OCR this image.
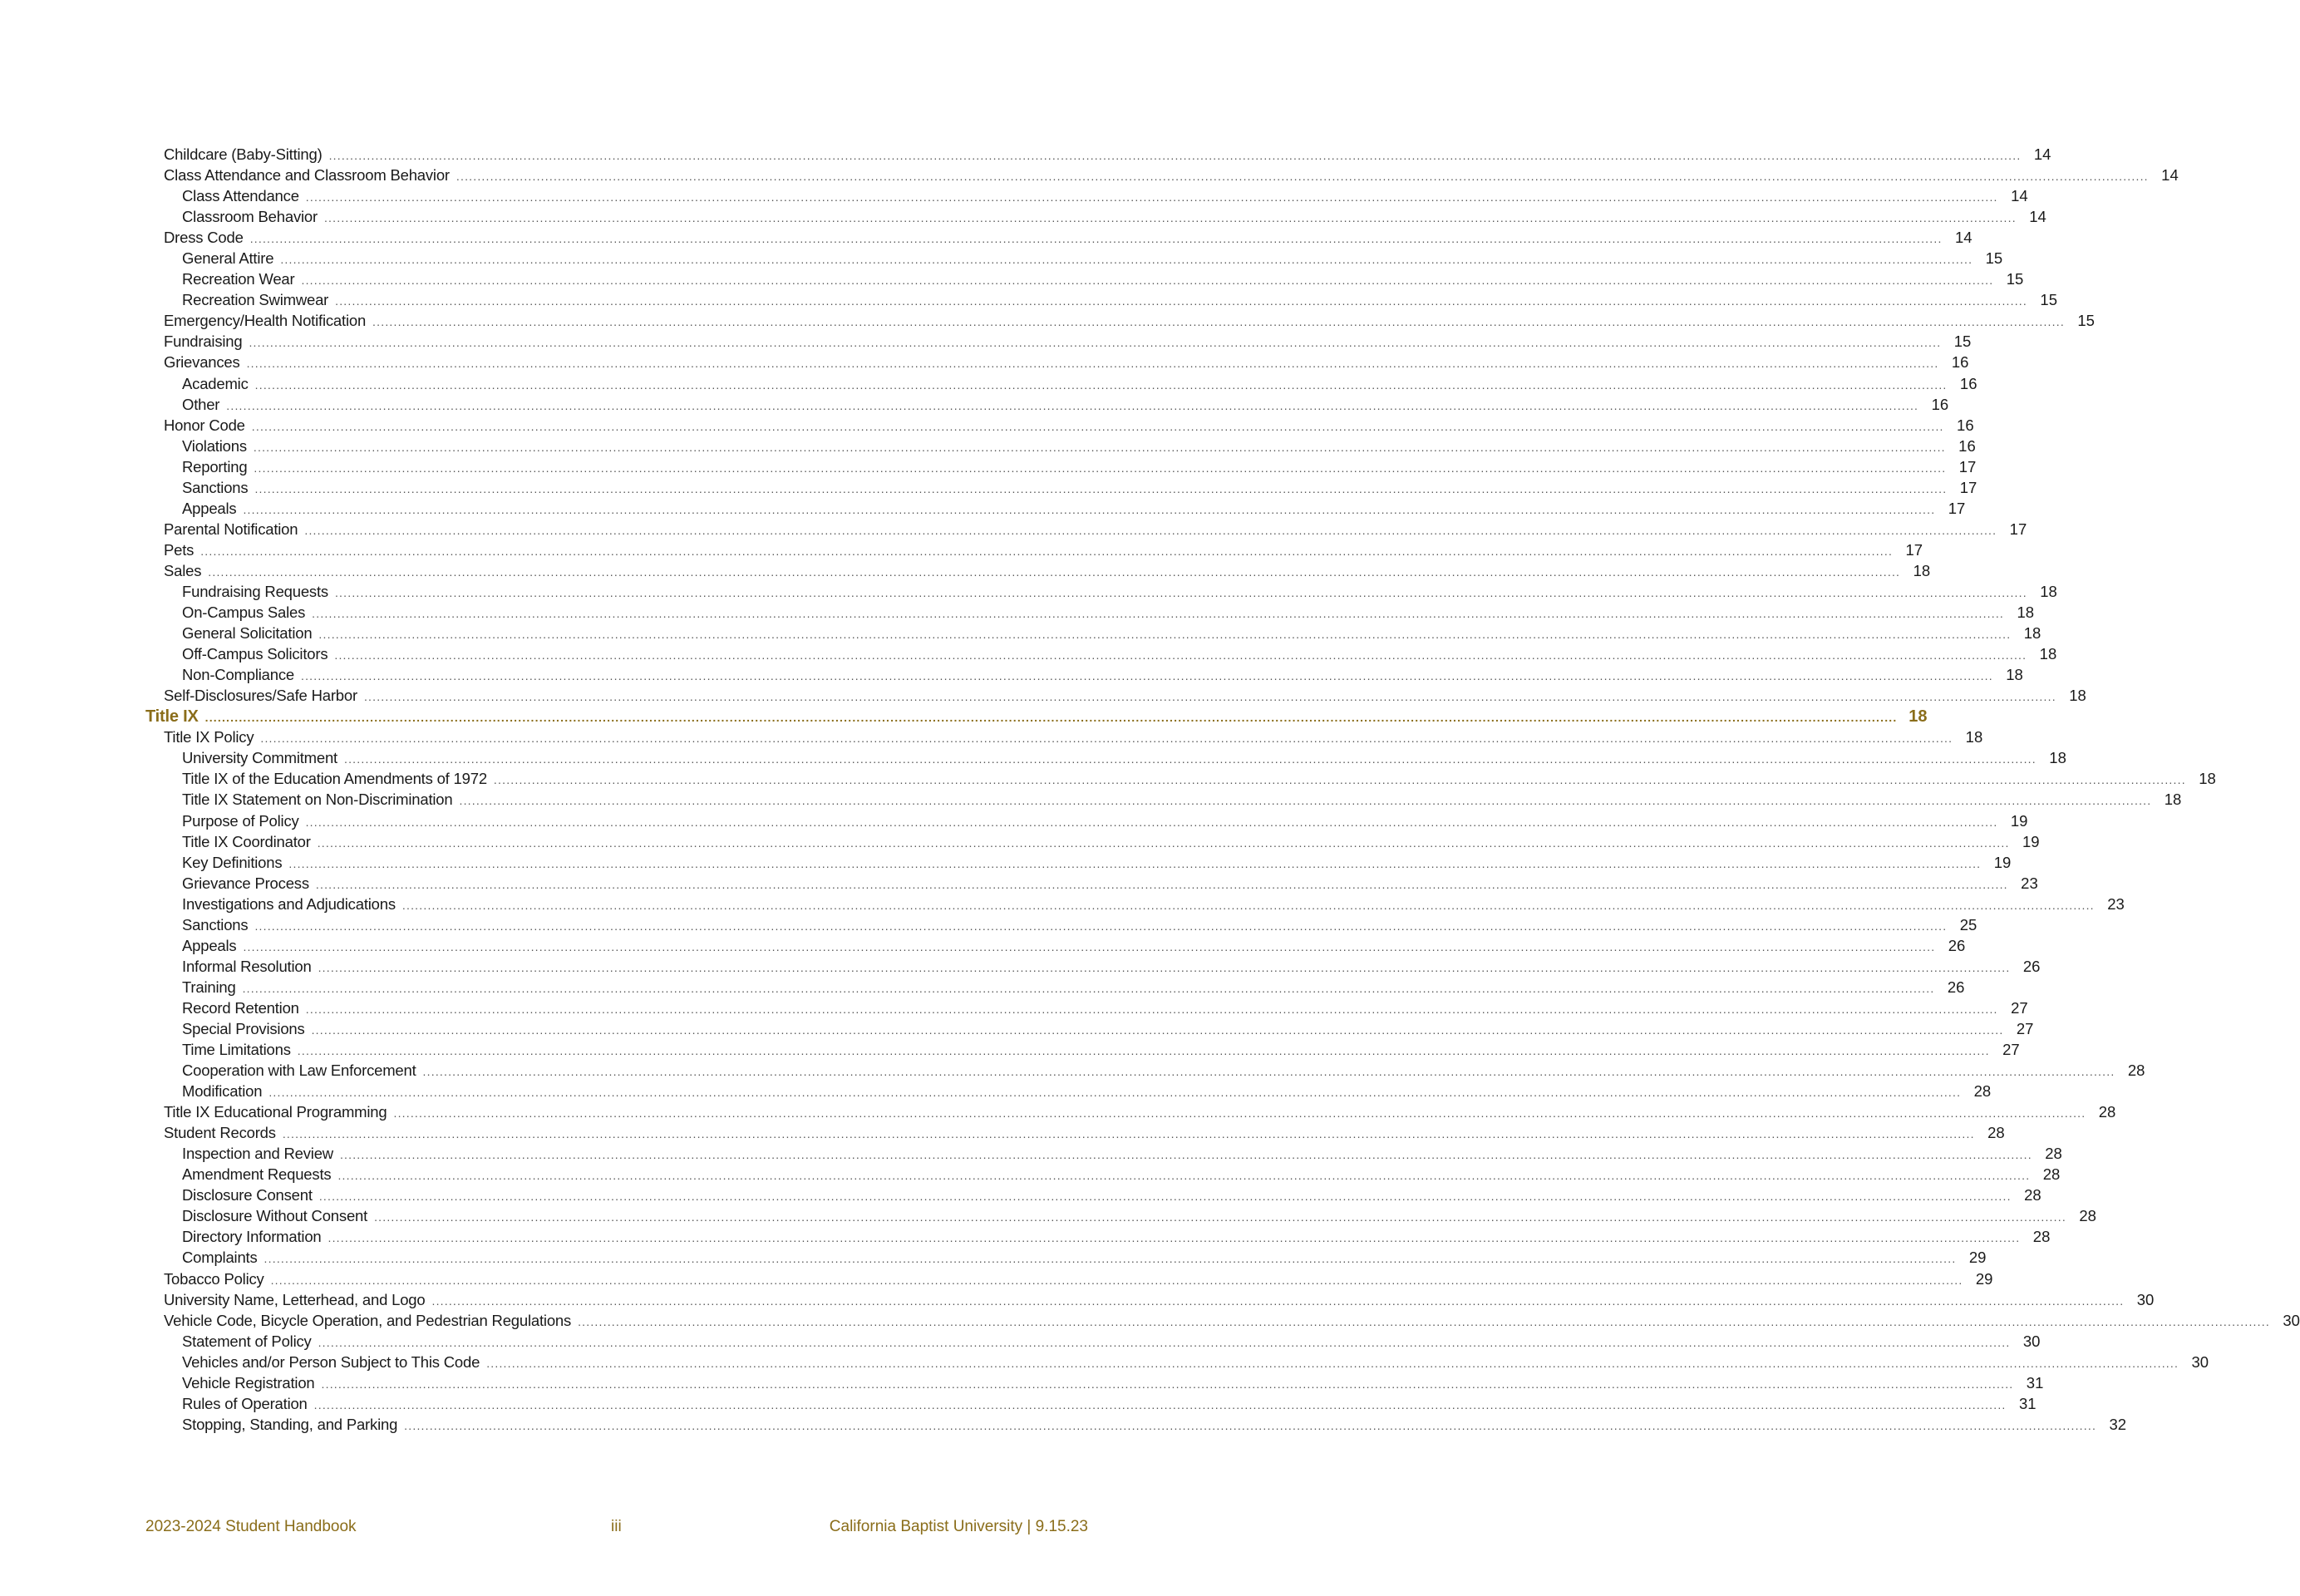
Childcare (Baby-Sitting) ................................................................................................................................................................................................................................................................................................................................................................................................................ 14
Class Attendance and Classroom Behavior ................................................................................................................................................................................................................................................................................................................................................................................................................ 14
Class Attendance ................................................................................................................................................................................................................................................................................................................................................................................................................ 14
Classroom Behavior ................................................................................................................................................................................................................................................................................................................................................................................................................ 14
Dress Code ................................................................................................................................................................................................................................................................................................................................................................................................................ 14
General Attire ................................................................................................................................................................................................................................................................................................................................................................................................................ 15
Recreation Wear ................................................................................................................................................................................................................................................................................................................................................................................................................ 15
Recreation Swimwear ................................................................................................................................................................................................................................................................................................................................................................................................................ 15
Emergency/Health Notification ................................................................................................................................................................................................................................................................................................................................................................................................................ 15
Fundraising ................................................................................................................................................................................................................................................................................................................................................................................................................ 15
Grievances ................................................................................................................................................................................................................................................................................................................................................................................................................ 16
Academic ................................................................................................................................................................................................................................................................................................................................................................................................................ 16
Other ................................................................................................................................................................................................................................................................................................................................................................................................................ 16
Honor Code ................................................................................................................................................................................................................................................................................................................................................................................................................ 16
Violations ................................................................................................................................................................................................................................................................................................................................................................................................................ 16
Reporting ................................................................................................................................................................................................................................................................................................................................................................................................................ 17
Sanctions ................................................................................................................................................................................................................................................................................................................................................................................................................ 17
Appeals ................................................................................................................................................................................................................................................................................................................................................................................................................ 17
Parental Notification ................................................................................................................................................................................................................................................................................................................................................................................................................ 17
Pets ................................................................................................................................................................................................................................................................................................................................................................................................................ 17
Sales ................................................................................................................................................................................................................................................................................................................................................................................................................ 18
Fundraising Requests ................................................................................................................................................................................................................................................................................................................................................................................................................ 18
On-Campus Sales ................................................................................................................................................................................................................................................................................................................................................................................................................ 18
General Solicitation ................................................................................................................................................................................................................................................................................................................................................................................................................ 18
Off-Campus Solicitors ................................................................................................................................................................................................................................................................................................................................................................................................................ 18
Non-Compliance ................................................................................................................................................................................................................................................................................................................................................................................................................ 18
Self-Disclosures/Safe Harbor ................................................................................................................................................................................................................................................................................................................................................................................................................ 18
Title IX ................................................................................................................................................................................................................................................................................................................................................................................................................ 18
Title IX Policy ................................................................................................................................................................................................................................................................................................................................................................................................................ 18
University Commitment ................................................................................................................................................................................................................................................................................................................................................................................................................ 18
Title IX of the Education Amendments of 1972 ................................................................................................................................................................................................................................................................................................................................................................................................................ 18
Title IX Statement on Non-Discrimination ................................................................................................................................................................................................................................................................................................................................................................................................................ 18
Purpose of Policy ................................................................................................................................................................................................................................................................................................................................................................................................................ 19
Title IX Coordinator ................................................................................................................................................................................................................................................................................................................................................................................................................ 19
Key Definitions ................................................................................................................................................................................................................................................................................................................................................................................................................ 19
Grievance Process ................................................................................................................................................................................................................................................................................................................................................................................................................ 23
Investigations and Adjudications ................................................................................................................................................................................................................................................................................................................................................................................................................ 23
Sanctions ................................................................................................................................................................................................................................................................................................................................................................................................................ 25
Appeals ................................................................................................................................................................................................................................................................................................................................................................................................................ 26
Informal Resolution ................................................................................................................................................................................................................................................................................................................................................................................................................ 26
Training ................................................................................................................................................................................................................................................................................................................................................................................................................ 26
Record Retention ................................................................................................................................................................................................................................................................................................................................................................................................................ 27
Special Provisions ................................................................................................................................................................................................................................................................................................................................................................................................................ 27
Time Limitations ................................................................................................................................................................................................................................................................................................................................................................................................................ 27
Cooperation with Law Enforcement ................................................................................................................................................................................................................................................................................................................................................................................................................ 28
Modification ................................................................................................................................................................................................................................................................................................................................................................................................................ 28
Title IX Educational Programming ................................................................................................................................................................................................................................................................................................................................................................................................................ 28
Student Records ................................................................................................................................................................................................................................................................................................................................................................................................................ 28
Inspection and Review ................................................................................................................................................................................................................................................................................................................................................................................................................ 28
Amendment Requests ................................................................................................................................................................................................................................................................................................................................................................................................................ 28
Disclosure Consent ................................................................................................................................................................................................................................................................................................................................................................................................................ 28
Disclosure Without Consent ................................................................................................................................................................................................................................................................................................................................................................................................................ 28
Directory Information ................................................................................................................................................................................................................................................................................................................................................................................................................ 28
Complaints ................................................................................................................................................................................................................................................................................................................................................................................................................ 29
Tobacco Policy ................................................................................................................................................................................................................................................................................................................................................................................................................ 29
University Name, Letterhead, and Logo ................................................................................................................................................................................................................................................................................................................................................................................................................ 30
Vehicle Code, Bicycle Operation, and Pedestrian Regulations ................................................................................................................................................................................................................................................................................................................................................................................................................ 30
Statement of Policy ................................................................................................................................................................................................................................................................................................................................................................................................................ 30
Vehicles and/or Person Subject to This Code ................................................................................................................................................................................................................................................................................................................................................................................................................ 30
Vehicle Registration ................................................................................................................................................................................................................................................................................................................................................................................................................ 31
Rules of Operation ................................................................................................................................................................................................................................................................................................................................................................................................................ 31
Stopping, Standing, and Parking ................................................................................................................................................................................................................................................................................................................................................................................................................ 32
2023-2024 Student Handbook	iii	California Baptist University | 9.15.23
